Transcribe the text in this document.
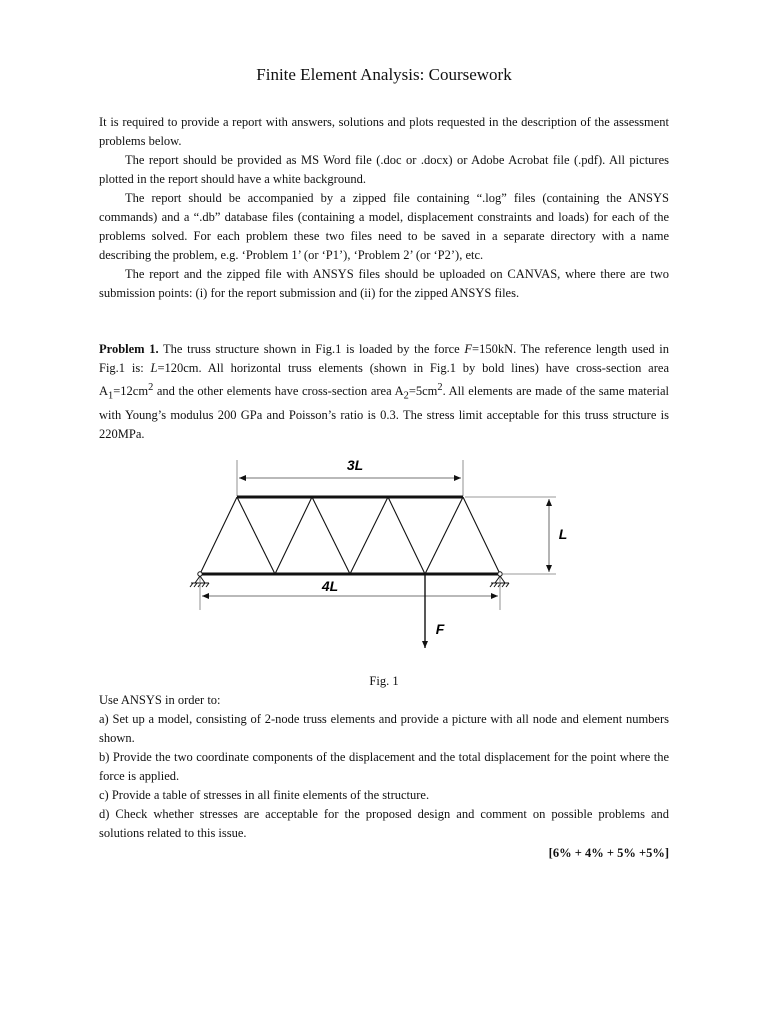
Finite Element Analysis: Coursework

It is required to provide a report with answers, solutions and plots requested in the description of the assessment problems below.

The report should be provided as MS Word file (.doc or .docx) or Adobe Acrobat file (.pdf). All pictures plotted in the report should have a white background.

The report should be accompanied by a zipped file containing “.log” files (containing the ANSYS commands) and a “.db” database files (containing a model, displacement constraints and loads) for each of the problems solved. For each problem these two files need to be saved in a separate directory with a name describing the problem, e.g. ‘Problem 1’ (or ‘P1’), ‘Problem 2’ (or ‘P2’), etc.

The report and the zipped file with ANSYS files should be uploaded on CANVAS, where there are two submission points: (i) for the report submission and (ii) for the zipped ANSYS files.

Problem 1. The truss structure shown in Fig.1 is loaded by the force F=150kN. The reference length used in Fig.1 is: L=120cm. All horizontal truss elements (shown in Fig.1 by bold lines) have cross-section area $A_1=12cm^2$ and the other elements have cross-section area $A_2=5cm^2$. All elements are made of the same material with Young’s modulus 200 GPa and Poisson’s ratio is 0.3. The stress limit acceptable for this truss structure is 220MPa.

3L
4L
L
F
Fig. 1

Use ANSYS in order to:

a) Set up a model, consisting of 2-node truss elements and provide a picture with all node and element numbers shown.

b) Provide the two coordinate components of the displacement and the total displacement for the point where the force is applied.

c) Provide a table of stresses in all finite elements of the structure.

d) Check whether stresses are acceptable for the proposed design and comment on possible problems and solutions related to this issue.

[6% + 4% + 5% +5%]
